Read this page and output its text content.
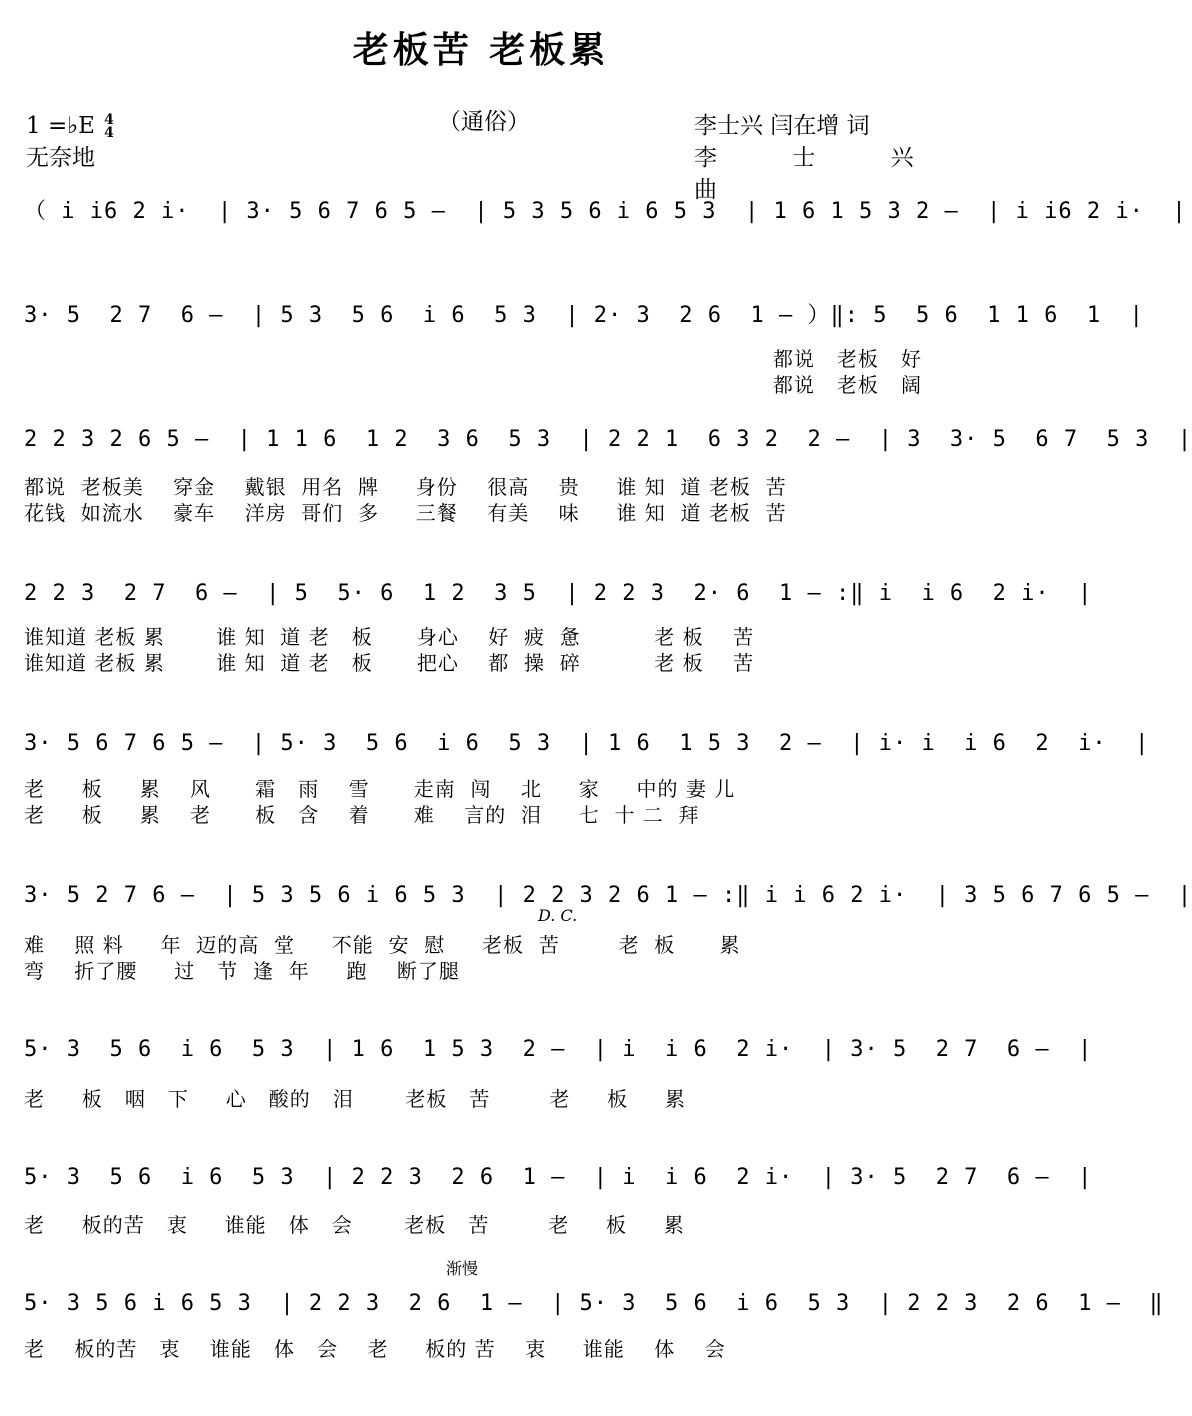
老板苦 老板累
1 =♭E 4
4
无奈地
（通俗）	李士兴 闫在增 词
李 士 兴曲
（ i i6 2 i·  | 3· 5 6 7 6 5 –  | 5 3 5 6 i 6 5 3  | 1 6 1 5 3 2 –  | i i6 2 i·  |
3· 5  2 7  6 –  | 5 3  5 6  i 6  5 3  | 2· 3  2 6  1 – ）‖: 5  5 6  1 1 6  1  |
都说   老板   好
都说   老板   阔
2 2 3 2 6 5 –  | 1 1 6  1 2  3 6  5 3  | 2 2 1  6 3 2  2 –  | 3  3· 5  6 7  5 3  |
都说  老板美    穿金    戴银  用名  牌     身份    很高    贵     谁 知  道 老板  苦
花钱  如流水    豪车    洋房  哥们  多     三餐    有美    味     谁 知  道 老板  苦
2 2 3  2 7  6 –  | 5  5· 6  1 2  3 5  | 2 2 3  2· 6  1 – :‖ i  i 6  2 i·  |
谁知道 老板 累       谁 知  道 老   板      身心    好  疲  惫          老 板    苦
谁知道 老板 累       谁 知  道 老   板      把心    都  操  碎          老 板    苦
3· 5 6 7 6 5 –  | 5· 3  5 6  i 6  5 3  | 1 6  1 5 3  2 –  | i· i  i 6  2  i·  |
老     板     累    风      霜   雨    雪      走南  闯    北     家     中的 妻 儿
老     板     累    老      板   含    着      难    言的  泪     七  十 二  拜
3· 5 2 7 6 –  | 5 3 5 6 i 6 5 3  | 2 2 3 2 6 1 – :‖ i i 6 2 i·  | 3 5 6 7 6 5 –  |
难    照 料     年  迈的高  堂     不能  安  慰     老板  苦        老  板      累
弯    折了腰     过   节  逢  年     跑    断了腿
D. C.
5· 3  5 6  i 6  5 3  | 1 6  1 5 3  2 –  | i  i 6  2 i·  | 3· 5  2 7  6 –  |
老     板   咽   下     心   酸的   泪       老板   苦        老     板     累
5· 3  5 6  i 6  5 3  | 2 2 3  2 6  1 –  | i  i 6  2 i·  | 3· 5  2 7  6 –  |
老     板的苦   衷     谁能   体   会       老板   苦        老     板     累
渐慢
5· 3 5 6 i 6 5 3  | 2 2 3  2 6  1 –  | 5· 3  5 6  i 6  5 3  | 2 2 3  2 6  1 –  ‖
老    板的苦   衷    谁能   体   会    老     板的 苦    衷     谁能    体    会
